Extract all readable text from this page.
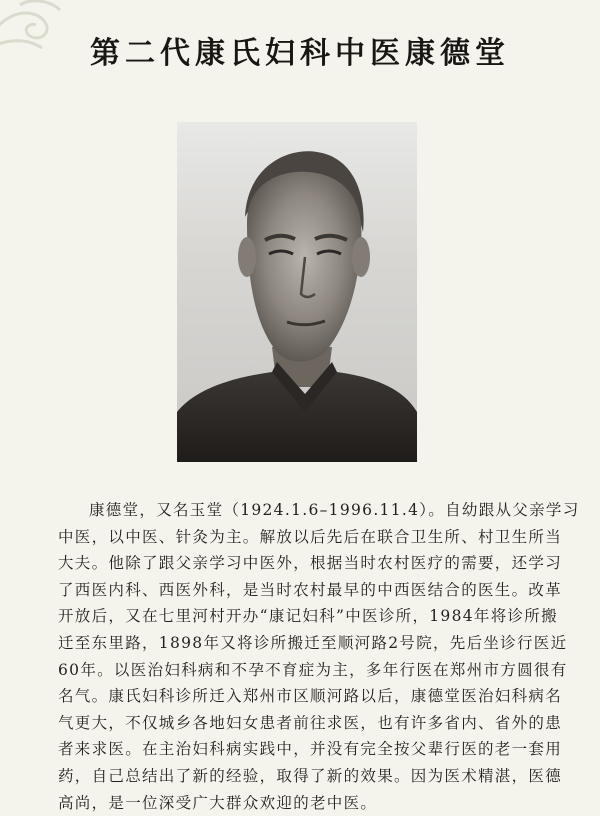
第二代康氏妇科中医康德堂
康德堂，又名玉堂（1924.1.6–1996.11.4）。自幼跟从父亲学习
中医，以中医、针灸为主。解放以后先后在联合卫生所、村卫生所当
大夫。他除了跟父亲学习中医外，根据当时农村医疗的需要，还学习
了西医内科、西医外科，是当时农村最早的中西医结合的医生。改革
开放后，又在七里河村开办“康记妇科”中医诊所，1984年将诊所搬
迁至东里路，1898年又将诊所搬迁至顺河路2号院，先后坐诊行医近
60年。以医治妇科病和不孕不育症为主，多年行医在郑州市方圆很有
名气。康氏妇科诊所迁入郑州市区顺河路以后，康德堂医治妇科病名
气更大，不仅城乡各地妇女患者前往求医，也有许多省内、省外的患
者来求医。在主治妇科病实践中，并没有完全按父辈行医的老一套用
药，自己总结出了新的经验，取得了新的效果。因为医术精湛，医德
高尚，是一位深受广大群众欢迎的老中医。
